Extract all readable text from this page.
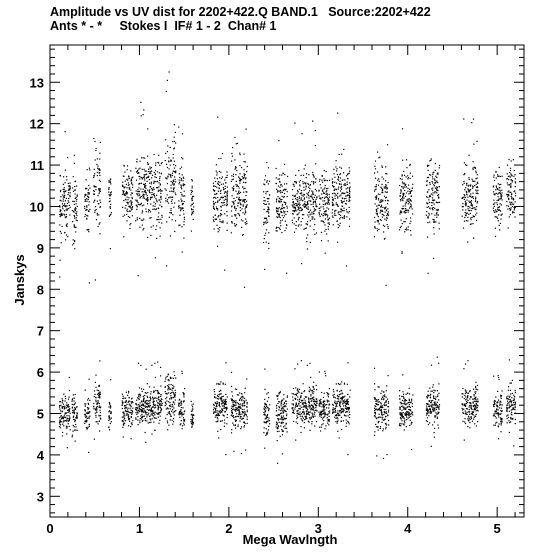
Amplitude vs UV dist for 2202+422.Q BAND.1   Source:2202+422
Ants * - *     Stokes I  IF# 1 - 2  Chan# 1
0	1	2	3	4	5
3
4
5
6
7
8
9
10
11
12
13
Mega Wavlngth
Janskys
